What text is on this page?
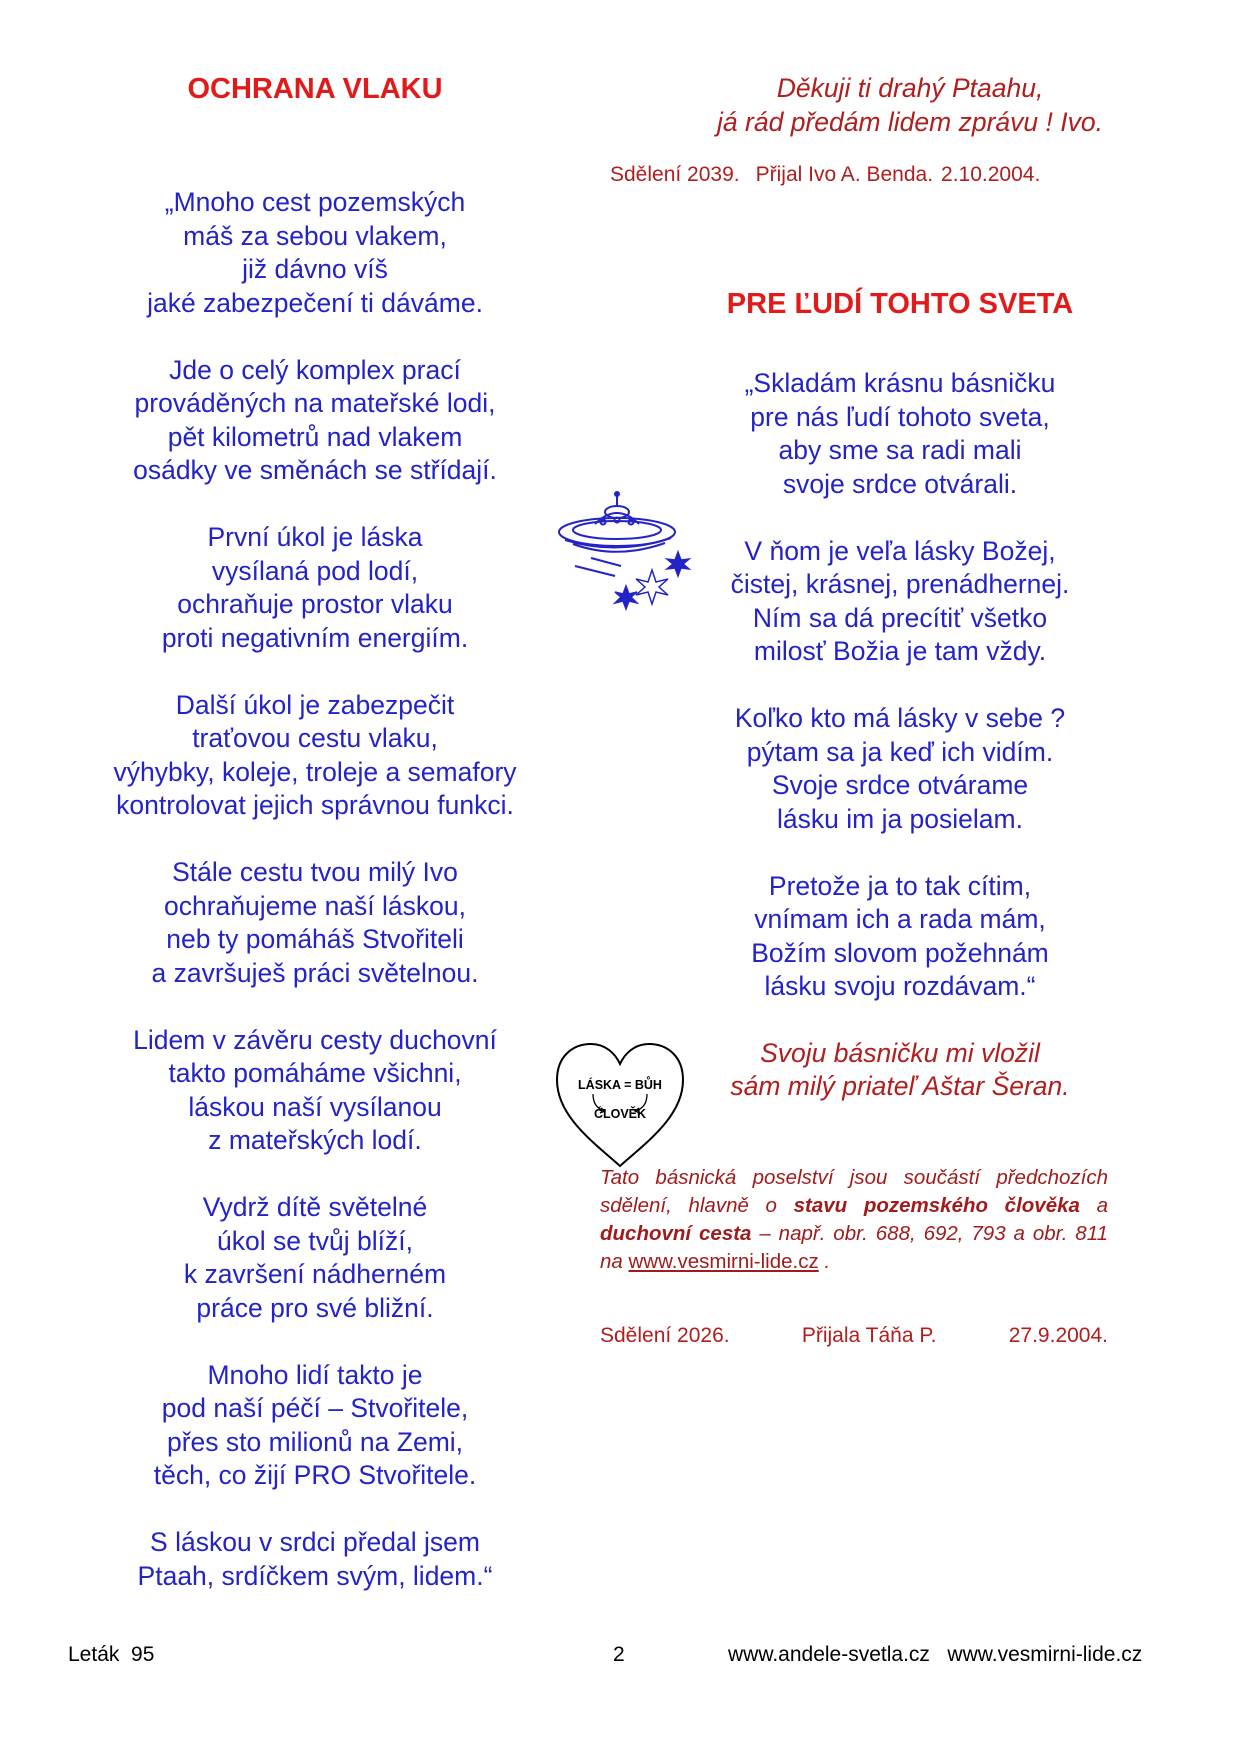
OCHRANA VLAKU
„Mnoho cest pozemských
máš za sebou vlakem,
již dávno víš
jaké zabezpečení ti dáváme.
Jde o celý komplex prací
prováděných na mateřské lodi,
pět kilometrů nad vlakem
osádky ve směnách se střídají.
První úkol je láska
vysílaná pod lodí,
ochraňuje prostor vlaku
proti negativním energiím.
Další úkol je zabezpečit
traťovou cestu vlaku,
výhybky, koleje, troleje a semafory
kontrolovat jejich správnou funkci.
Stále cestu tvou milý Ivo
ochraňujeme naší láskou,
neb ty pomáháš Stvořiteli
a završuješ práci světelnou.
Lidem v závěru cesty duchovní
takto pomáháme všichni,
láskou naší vysílanou
z mateřských lodí.
Vydrž dítě světelné
úkol se tvůj blíží,
k završení nádherném
práce pro své bližní.
Mnoho lidí takto je
pod naší péčí – Stvořitele,
přes sto milionů na Zemi,
těch, co žijí PRO Stvořitele.
S láskou v srdci předal jsem
Ptaah, srdíčkem svým, lidem.“
Děkuji ti drahý Ptaahu,
já rád předám lidem zprávu ! Ivo.
Sdělení 2039. Přijal Ivo A. Benda. 2.10.2004.
PRE ĽUDÍ TOHTO SVETA
„Skladám krásnu básničku
pre nás ľudí tohoto sveta,
aby sme sa radi mali
svoje srdce otvárali.
V ňom je veľa lásky Božej,
čistej, krásnej, prenádhernej.
Ním sa dá precítiť všetko
milosť Božia je tam vždy.
Koľko kto má lásky v sebe ?
pýtam sa ja keď ich vidím.
Svoje srdce otvárame
lásku im ja posielam.
Pretože ja to tak cítim,
vnímam ich a rada mám,
Božím slovom požehnám
lásku svoju rozdávam.“
Svoju básničku mi vložil
sám milý priateľ Aštar Šeran.

Tato básnická poselství jsou součástí předchozích sdělení, hlavně o stavu pozemského člověka a duchovní cesta – např. obr. 688, 692, 793 a obr. 811 na www.vesmirni-lide.cz .

Sdělení 2026.	Přijala Táňa P.	27.9.2004.
LÁSKA = BŮH
ČLOVĚK
Leták  95	2	www.andele-svetla.cz   www.vesmirni-lide.cz
